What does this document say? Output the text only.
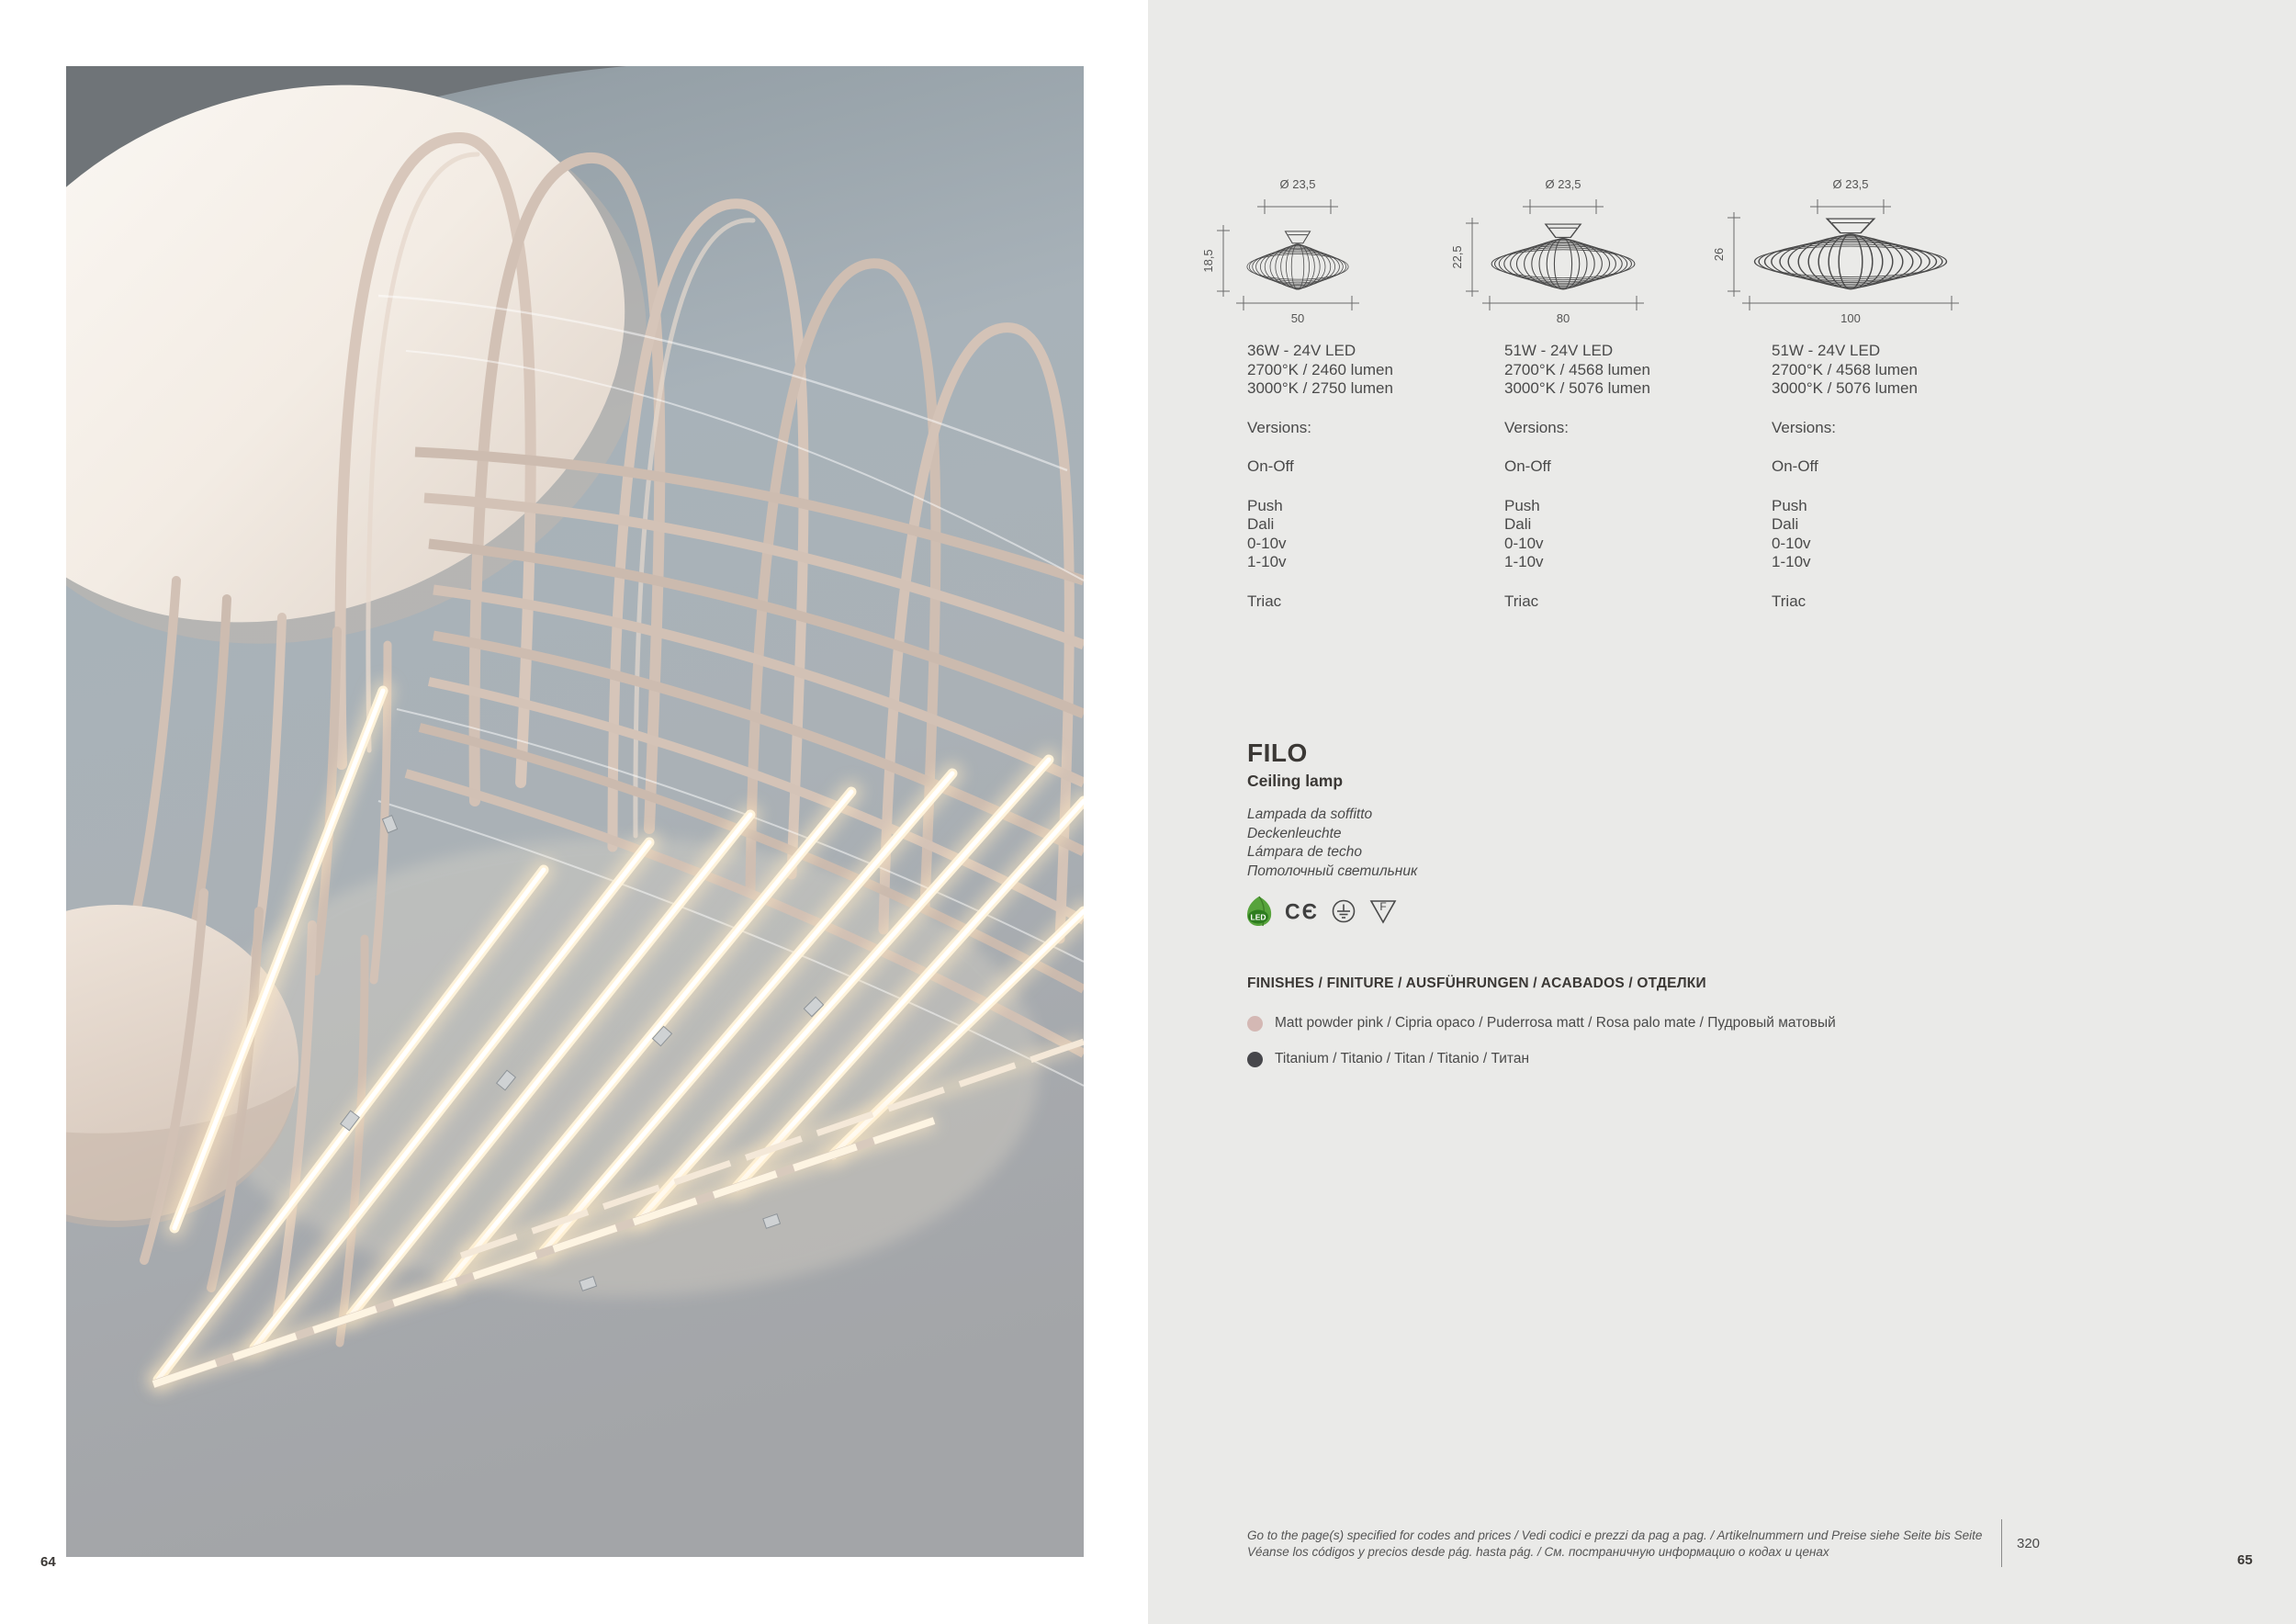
64
Ø 23,5
18,5
50
Ø 23,5
22,5
80
Ø 23,5
26
100
36W - 24V LED
2700°K / 2460 lumen
3000°K / 2750 lumen
Versions:
On-Off
Push
Dali
0-10v
1-10v
Triac
51W - 24V LED
2700°K / 4568 lumen
3000°K / 5076 lumen
Versions:
On-Off
Push
Dali
0-10v
1-10v
Triac
51W - 24V LED
2700°K / 4568 lumen
3000°K / 5076 lumen
Versions:
On-Off
Push
Dali
0-10v
1-10v
Triac
FILO
Ceiling lamp
Lampada da soffitto
Deckenleuchte
Lámpara de techo
Потолочный светильник
LED CЄ	F
FINISHES / FINITURE / AUSFÜHRUNGEN / ACABADOS / ОТДЕЛКИ
Matt powder pink / Cipria opaco / Puderrosa matt / Rosa palo mate / Пудровый матовый
Titanium / Titanio / Titan / Titanio / Титан
Go to the page(s) specified for codes and prices / Vedi codici e prezzi da pag a pag. / Artikelnummern und Preise siehe Seite bis Seite
Véanse los códigos y precios desde pág. hasta pág. / См. постраничную информацию о кодах и ценах
320
65
